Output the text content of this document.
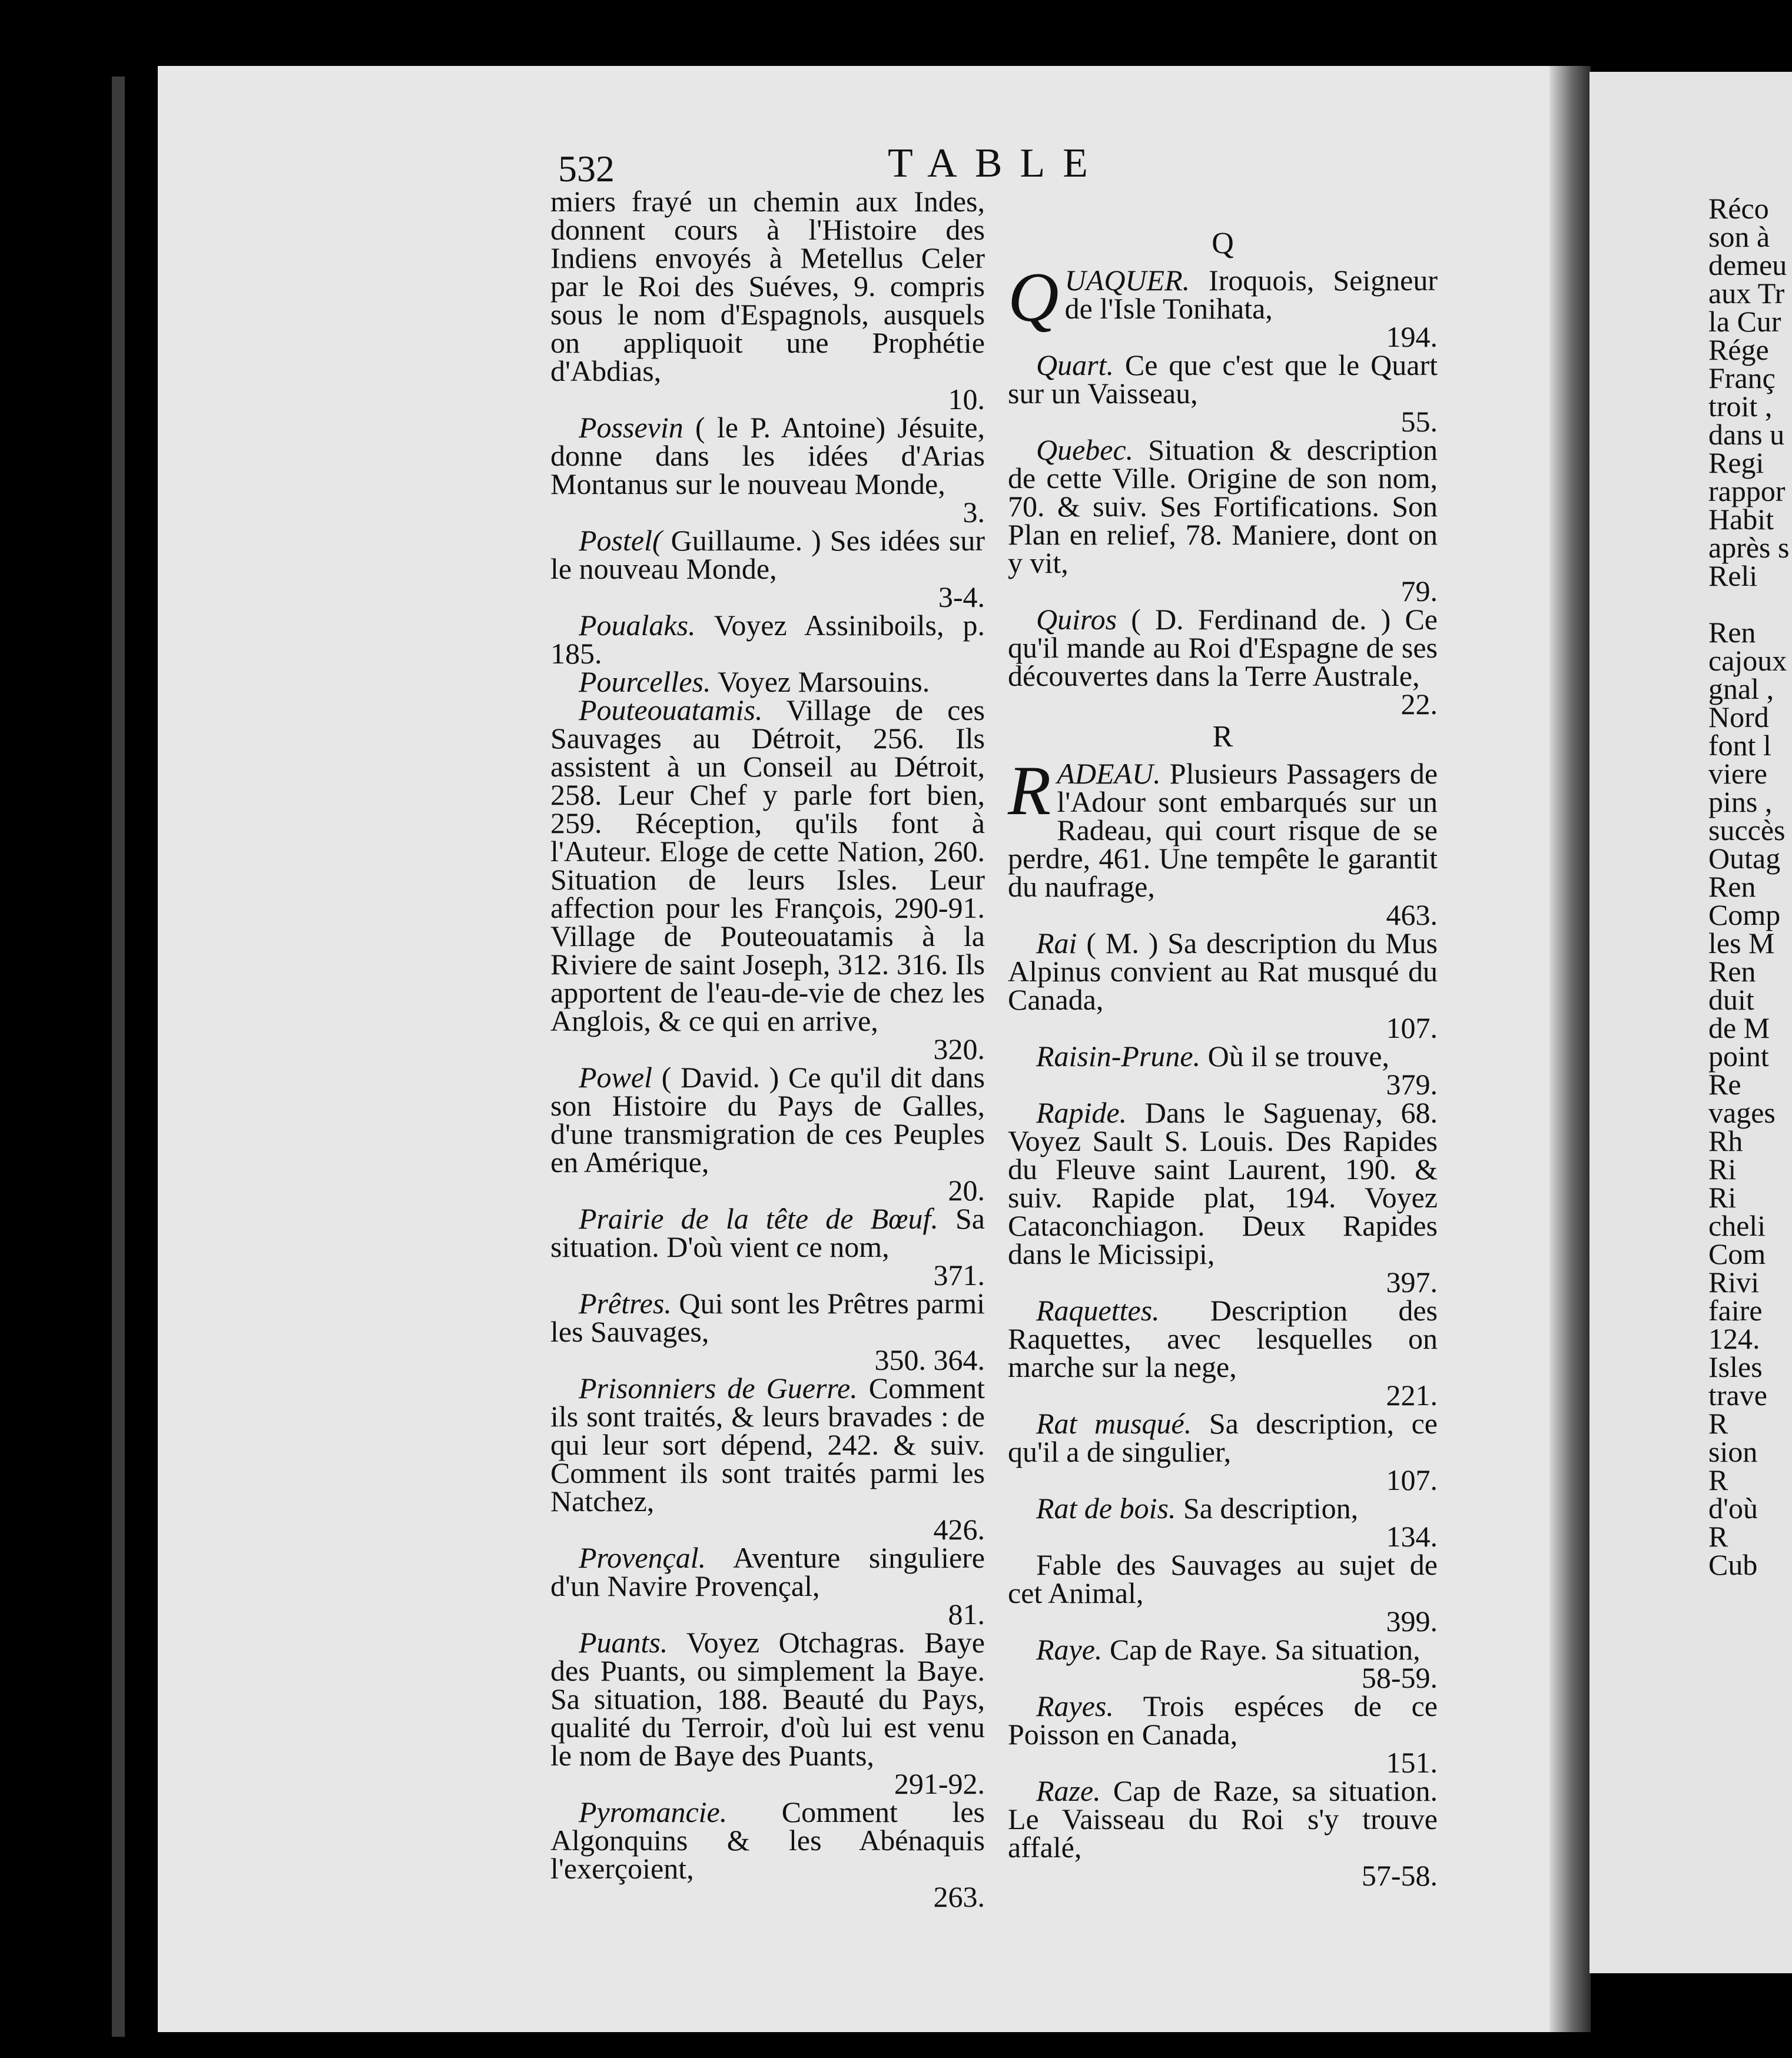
532	TABLE

miers frayé un chemin aux Indes, donnent cours à l'Histoire des Indiens envoyés à Metellus Celer par le Roi des Suéves, 9. compris sous le nom d'Espagnols, ausquels on appliquoit une Prophétie d'Abdias,
10.

Possevin ( le P. Antoine) Jésuite, donne dans les idées d'Arias Montanus sur le nouveau Monde,
3.

Postel( Guillaume. ) Ses idées sur le nouveau Monde,
3-4.

Poualaks. Voyez Assiniboils, p. 185.

Pourcelles. Voyez Marsouins.

Pouteouatamis. Village de ces Sauvages au Détroit, 256. Ils assistent à un Conseil au Détroit, 258. Leur Chef y parle fort bien, 259. Réception, qu'ils font à l'Auteur. Eloge de cette Nation, 260. Situation de leurs Isles. Leur affection pour les François, 290-91. Village de Pouteouatamis à la Riviere de saint Joseph, 312. 316. Ils apportent de l'eau-de-vie de chez les Anglois, & ce qui en arrive,
320.

Powel ( David. ) Ce qu'il dit dans son Histoire du Pays de Galles, d'une transmigration de ces Peuples en Amérique,
20.

Prairie de la tête de Bœuf. Sa situation. D'où vient ce nom,
371.

Prêtres. Qui sont les Prêtres parmi les Sauvages,
350. 364.

Prisonniers de Guerre. Comment ils sont traités, & leurs bravades : de qui leur sort dépend, 242. & suiv. Comment ils sont traités parmi les Natchez,
426.

Provençal. Aventure singuliere d'un Navire Provençal,
81.

Puants. Voyez Otchagras. Baye des Puants, ou simplement la Baye. Sa situation, 188. Beauté du Pays, qualité du Terroir, d'où lui est venu le nom de Baye des Puants,
291-92.

Pyromancie. Comment les Algonquins & les Abénaquis l'exerçoient,
263.

Q

QUAQUER. Iroquois, Seigneur de l'Isle Tonihata,
194.

Quart. Ce que c'est que le Quart sur un Vaisseau,
55.

Quebec. Situation & description de cette Ville. Origine de son nom, 70. & suiv. Ses Fortifications. Son Plan en relief, 78. Maniere, dont on y vit,
79.

Quiros ( D. Ferdinand de. ) Ce qu'il mande au Roi d'Espagne de ses découvertes dans la Terre Australe,
22.

R

RADEAU. Plusieurs Passagers de l'Adour sont embarqués sur un Radeau, qui court risque de se perdre, 461. Une tempête le garantit du naufrage,
463.

Rai ( M. ) Sa description du Mus Alpinus convient au Rat musqué du Canada,
107.

Raisin-Prune. Où il se trouve,
379.

Rapide. Dans le Saguenay, 68. Voyez Sault S. Louis. Des Rapides du Fleuve saint Laurent, 190. & suiv. Rapide plat, 194. Voyez Cataconchiagon. Deux Rapides dans le Micissipi,
397.

Raquettes. Description des Raquettes, avec lesquelles on marche sur la nege,
221.

Rat musqué. Sa description, ce qu'il a de singulier,
107.

Rat de bois. Sa description,
134.

Fable des Sauvages au sujet de cet Animal,
399.

Raye. Cap de Raye. Sa situation,
58-59.

Rayes. Trois espéces de ce Poisson en Canada,
151.

Raze. Cap de Raze, sa situation. Le Vaisseau du Roi s'y trouve affalé,
57-58.

Réco
son à
demeu
aux Tr
la Cur
Rége
Franç
troit ,
dans u
Regi
rappor
Habit
après s
Reli
Ren
cajoux
gnal ,
Nord
font l
viere
pins ,
succès
Outag
Ren
Comp
les M
Ren
duit
de M
point
Re
vages
Rh
Ri
Ri
cheli
Com
Rivi
faire
124.
Isles
trave
R
sion
R
d'où
R
Cub
